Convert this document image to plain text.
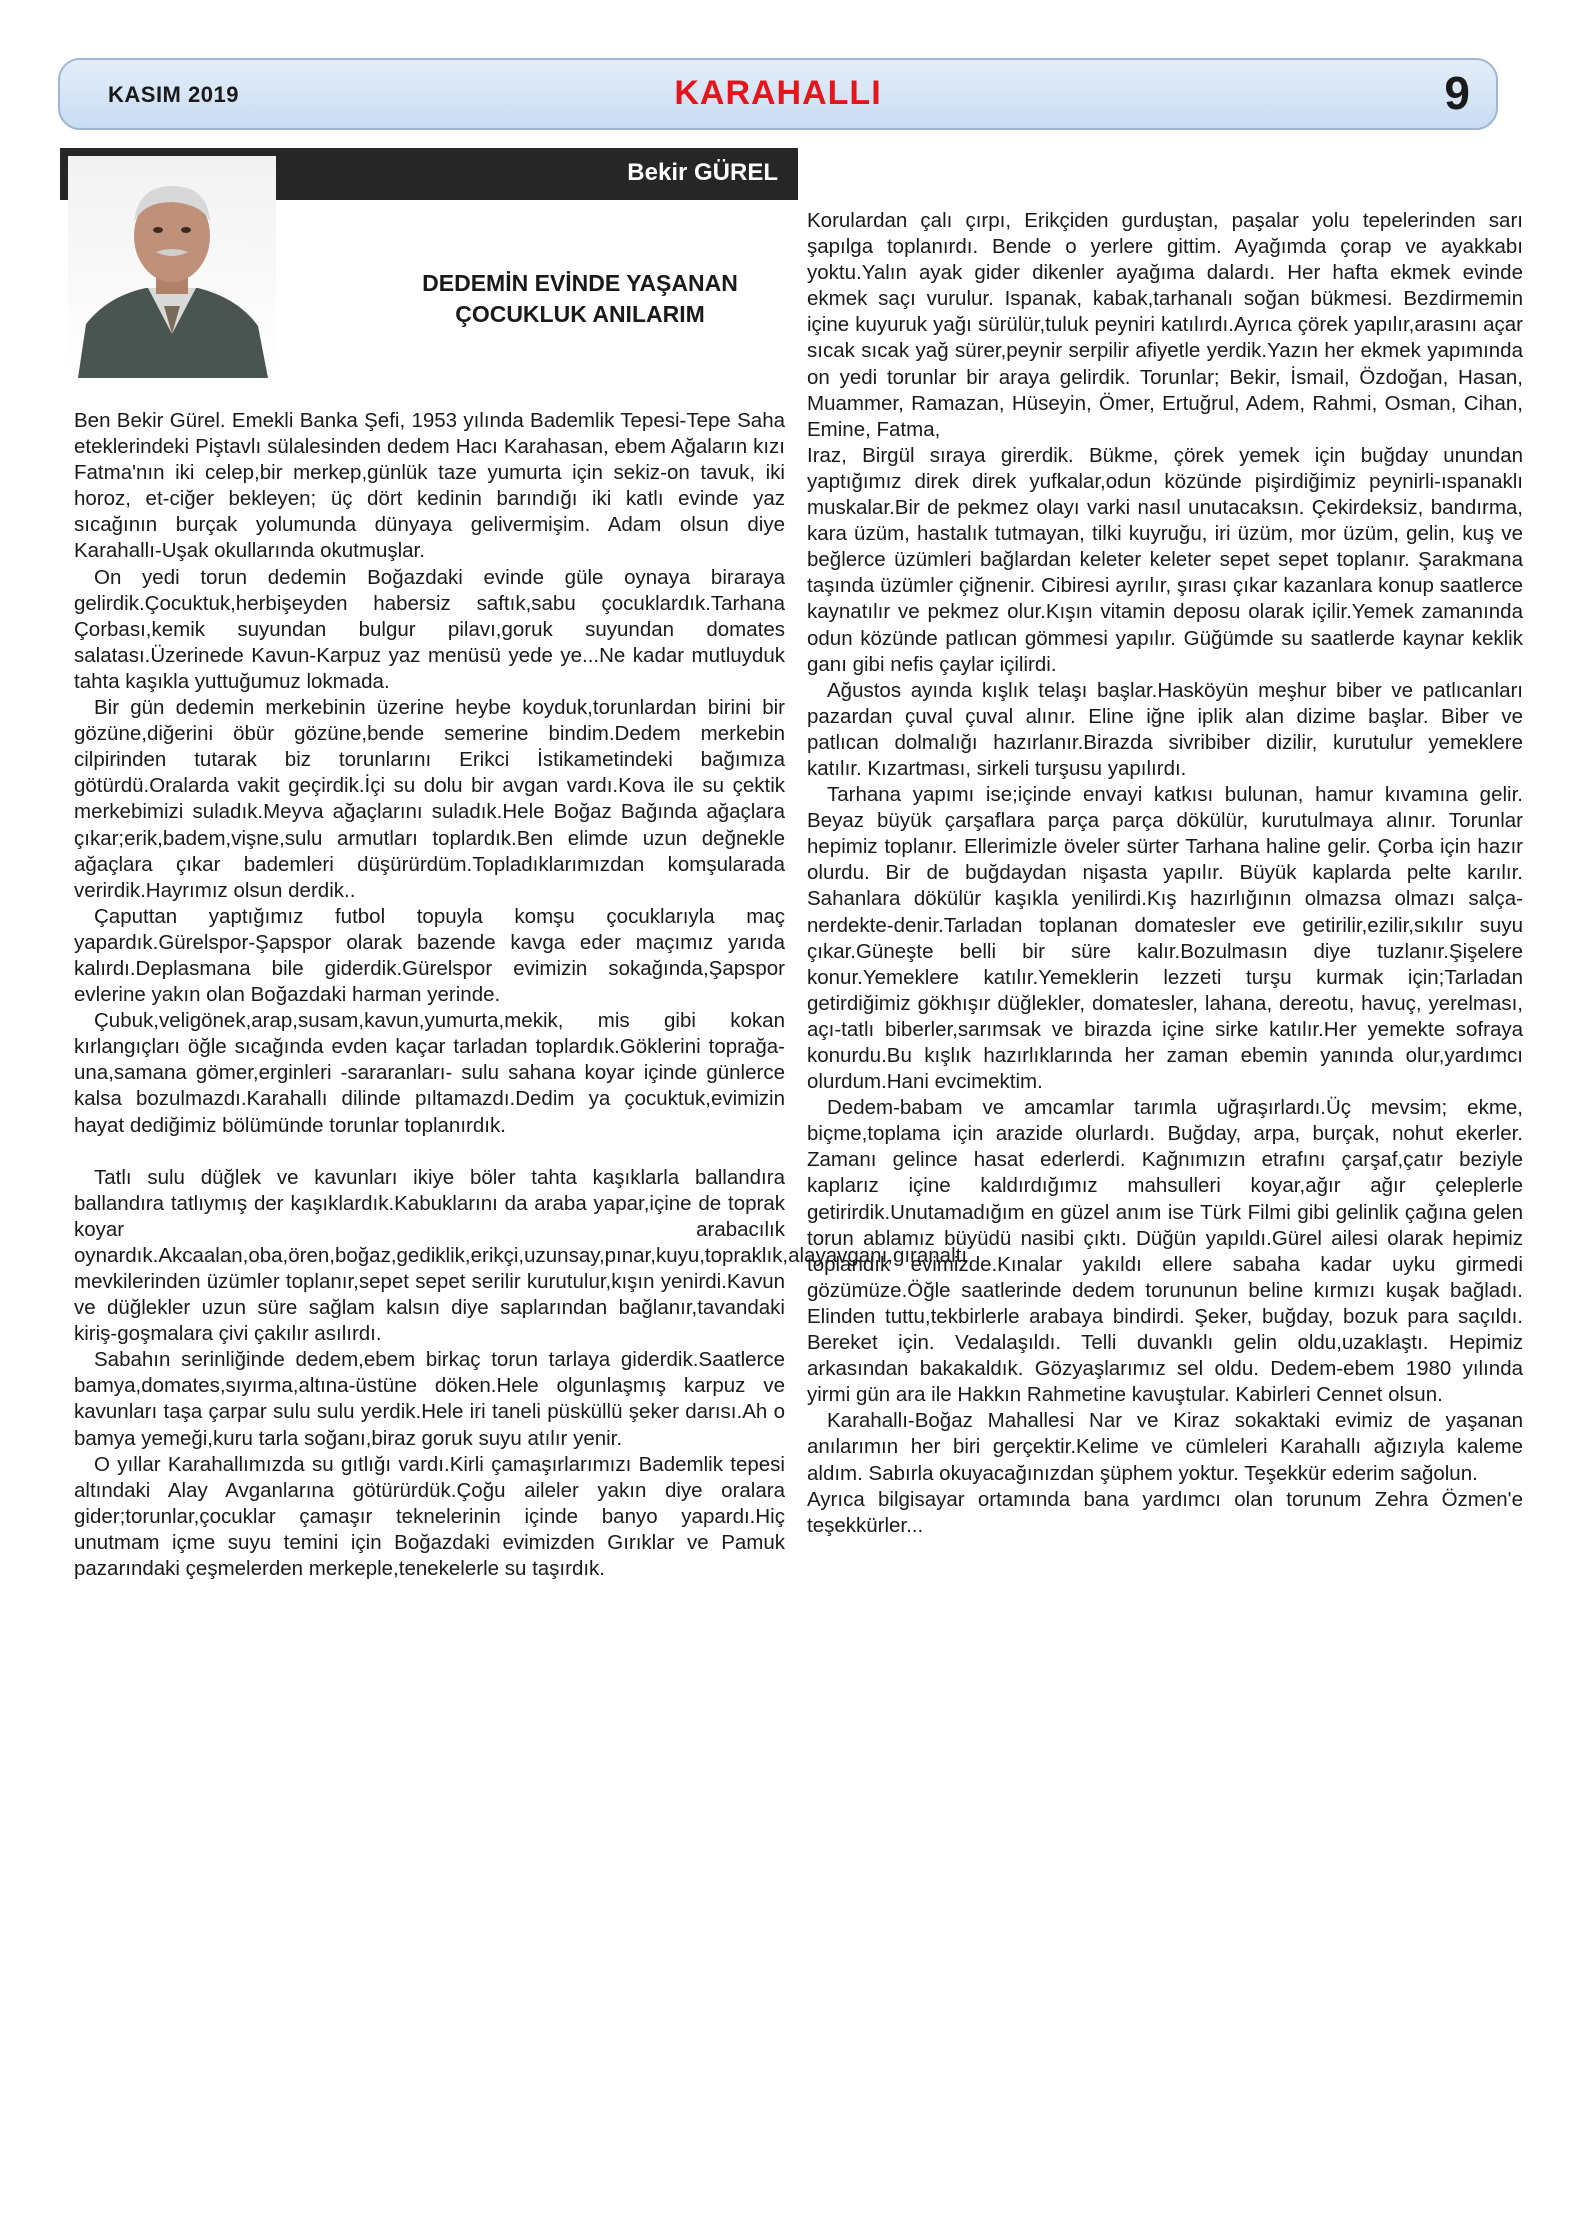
KASIM 2019	KARAHALLI	9
Bekir GÜREL
DEDEMİN EVİNDE YAŞANAN
ÇOCUKLUK ANILARIM

Ben Bekir Gürel. Emekli Banka Şefi, 1953 yılında Bademlik Tepesi-Tepe Saha eteklerindeki Piştavlı sülalesinden dedem Hacı Karahasan, ebem Ağaların kızı Fatma'nın iki celep,bir merkep,günlük taze yumurta için sekiz-on tavuk, iki horoz, et-ciğer bekleyen; üç dört kedinin barındığı iki katlı evinde yaz sıcağının burçak yolumunda dünyaya gelivermişim. Adam olsun diye Karahallı-Uşak okullarında okutmuşlar.

On yedi torun dedemin Boğazdaki evinde güle oynaya biraraya gelirdik.Çocuktuk,herbişeyden habersiz saftık,sabu çocuklardık.Tarhana Çorbası,kemik suyundan bulgur pilavı,goruk suyundan domates salatası.Üzerinede Kavun-Karpuz yaz menüsü yede ye...Ne kadar mutluyduk tahta kaşıkla yuttuğumuz lokmada.

Bir gün dedemin merkebinin üzerine heybe koyduk,torunlardan birini bir gözüne,diğerini öbür gözüne,bende semerine bindim.Dedem merkebin cilpirinden tutarak biz torunlarını Erikci İstikametindeki bağımıza götürdü.Oralarda vakit geçirdik.İçi su dolu bir avgan vardı.Kova ile su çektik merkebimizi suladık.Meyva ağaçlarını suladık.Hele Boğaz Bağında ağaçlara çıkar;erik,badem,vişne,sulu armutları toplardık.Ben elimde uzun değnekle ağaçlara çıkar bademleri düşürürdüm.Topladıklarımızdan komşularada verirdik.Hayrımız olsun derdik..

Çaputtan yaptığımız futbol topuyla komşu çocuklarıyla maç yapardık.Gürelspor-Şapspor olarak bazende kavga eder maçımız yarıda kalırdı.Deplasmana bile giderdik.Gürelspor evimizin sokağında,Şapspor evlerine yakın olan Boğazdaki harman yerinde.

Çubuk,veligönek,arap,susam,kavun,yumurta,mekik, mis gibi kokan kırlangıçları öğle sıcağında evden kaçar tarladan toplardık.Göklerini toprağa-una,samana gömer,erginleri -sararanları- sulu sahana koyar içinde günlerce kalsa bozulmazdı.Karahallı dilinde pıltamazdı.Dedim ya çocuktuk,evimizin hayat dediğimiz bölümünde torunlar toplanırdık.

Tatlı sulu düğlek ve kavunları ikiye böler tahta kaşıklarla ballandıra ballandıra tatlıymış der kaşıklardık.Kabuklarını da araba yapar,içine de toprak koyar arabacılık oynardık.Akcaalan,oba,ören,boğaz,gediklik,erikçi,uzunsay,pınar,kuyu,topraklık,alayavganı,gıranaltı mevkilerinden üzümler toplanır,sepet sepet serilir kurutulur,kışın yenirdi.Kavun ve düğlekler uzun süre sağlam kalsın diye saplarından bağlanır,tavandaki kiriş-goşmalara çivi çakılır asılırdı.

Sabahın serinliğinde dedem,ebem birkaç torun tarlaya giderdik.Saatlerce bamya,domates,sıyırma,altına-üstüne döken.Hele olgunlaşmış karpuz ve kavunları taşa çarpar sulu sulu yerdik.Hele iri taneli püsküllü şeker darısı.Ah o bamya yemeği,kuru tarla soğanı,biraz goruk suyu atılır yenir.

O yıllar Karahallımızda su gıtlığı vardı.Kirli çamaşırlarımızı Bademlik tepesi altındaki Alay Avganlarına götürürdük.Çoğu aileler yakın diye oralara gider;torunlar,çocuklar çamaşır teknelerinin içinde banyo yapardı.Hiç unutmam içme suyu temini için Boğazdaki evimizden Gırıklar ve Pamuk pazarındaki çeşmelerden merkeple,tenekelerle su taşırdık.

Korulardan çalı çırpı, Erikçiden gurduştan, paşalar yolu tepelerinden sarı şapılga toplanırdı. Bende o yerlere gittim. Ayağımda çorap ve ayakkabı yoktu.Yalın ayak gider dikenler ayağıma dalardı. Her hafta ekmek evinde ekmek saçı vurulur. Ispanak, kabak,tarhanalı soğan bükmesi. Bezdirmemin içine kuyuruk yağı sürülür,tuluk peyniri katılırdı.Ayrıca çörek yapılır,arasını açar sıcak sıcak yağ sürer,peynir serpilir afiyetle yerdik.Yazın her ekmek yapımında on yedi torunlar bir araya gelirdik. Torunlar; Bekir, İsmail, Özdoğan, Hasan, Muammer, Ramazan, Hüseyin, Ömer, Ertuğrul, Adem, Rahmi, Osman, Cihan, Emine, Fatma,

Iraz, Birgül sıraya girerdik. Bükme, çörek yemek için buğday unundan yaptığımız direk direk yufkalar,odun közünde pişirdiğimiz peynirli-ıspanaklı muskalar.Bir de pekmez olayı varki nasıl unutacaksın. Çekirdeksiz, bandırma, kara üzüm, hastalık tutmayan, tilki kuyruğu, iri üzüm, mor üzüm, gelin, kuş ve beğlerce üzümleri bağlardan keleter keleter sepet sepet toplanır. Şarakmana taşında üzümler çiğnenir. Cibiresi ayrılır, şırası çıkar kazanlara konup saatlerce kaynatılır ve pekmez olur.Kışın vitamin deposu olarak içilir.Yemek zamanında odun közünde patlıcan gömmesi yapılır. Güğümde su saatlerde kaynar keklik ganı gibi nefis çaylar içilirdi.

Ağustos ayında kışlık telaşı başlar.Hasköyün meşhur biber ve patlıcanları pazardan çuval çuval alınır. Eline iğne iplik alan dizime başlar. Biber ve patlıcan dolmalığı hazırlanır.Birazda sivribiber dizilir, kurutulur yemeklere katılır. Kızartması, sirkeli turşusu yapılırdı.

Tarhana yapımı ise;içinde envayi katkısı bulunan, hamur kıvamına gelir. Beyaz büyük çarşaflara parça parça dökülür, kurutulmaya alınır. Torunlar hepimiz toplanır. Ellerimizle öveler sürter Tarhana haline gelir. Çorba için hazır olurdu. Bir de buğdaydan nişasta yapılır. Büyük kaplarda pelte karılır. Sahanlara dökülür kaşıkla yenilirdi.Kış hazırlığının olmazsa olmazı salça-nerdekte-denir.Tarladan toplanan domatesler eve getirilir,ezilir,sıkılır suyu çıkar.Güneşte belli bir süre kalır.Bozulmasın diye tuzlanır.Şişelere konur.Yemeklere katılır.Yemeklerin lezzeti turşu kurmak için;Tarladan getirdiğimiz gökhışır düğlekler, domatesler, lahana, dereotu, havuç, yerelması, açı-tatlı biberler,sarımsak ve birazda içine sirke katılır.Her yemekte sofraya konurdu.Bu kışlık hazırlıklarında her zaman ebemin yanında olur,yardımcı olurdum.Hani evcimektim.

Dedem-babam ve amcamlar tarımla uğraşırlardı.Üç mevsim; ekme, biçme,toplama için arazide olurlardı. Buğday, arpa, burçak, nohut ekerler. Zamanı gelince hasat ederlerdi. Kağnımızın etrafını çarşaf,çatır beziyle kaplarız içine kaldırdığımız mahsulleri koyar,ağır ağır çeleplerle getirirdik.Unutamadığım en güzel anım ise Türk Filmi gibi gelinlik çağına gelen torun ablamız büyüdü nasibi çıktı. Düğün yapıldı.Gürel ailesi olarak hepimiz toplandık evimizde.Kınalar yakıldı ellere sabaha kadar uyku girmedi gözümüze.Öğle saatlerinde dedem torununun beline kırmızı kuşak bağladı. Elinden tuttu,tekbirlerle arabaya bindirdi. Şeker, buğday, bozuk para saçıldı. Bereket için. Vedalaşıldı. Telli duvanklı gelin oldu,uzaklaştı. Hepimiz arkasından bakakaldık. Gözyaşlarımız sel oldu. Dedem-ebem 1980 yılında yirmi gün ara ile Hakkın Rahmetine kavuştular. Kabirleri Cennet olsun.

Karahallı-Boğaz Mahallesi Nar ve Kiraz sokaktaki evimiz de yaşanan anılarımın her biri gerçektir.Kelime ve cümleleri Karahallı ağızıyla kaleme aldım. Sabırla okuyacağınızdan şüphem yoktur. Teşekkür ederim sağolun.

Ayrıca bilgisayar ortamında bana yardımcı olan torunum Zehra Özmen'e teşekkürler...
